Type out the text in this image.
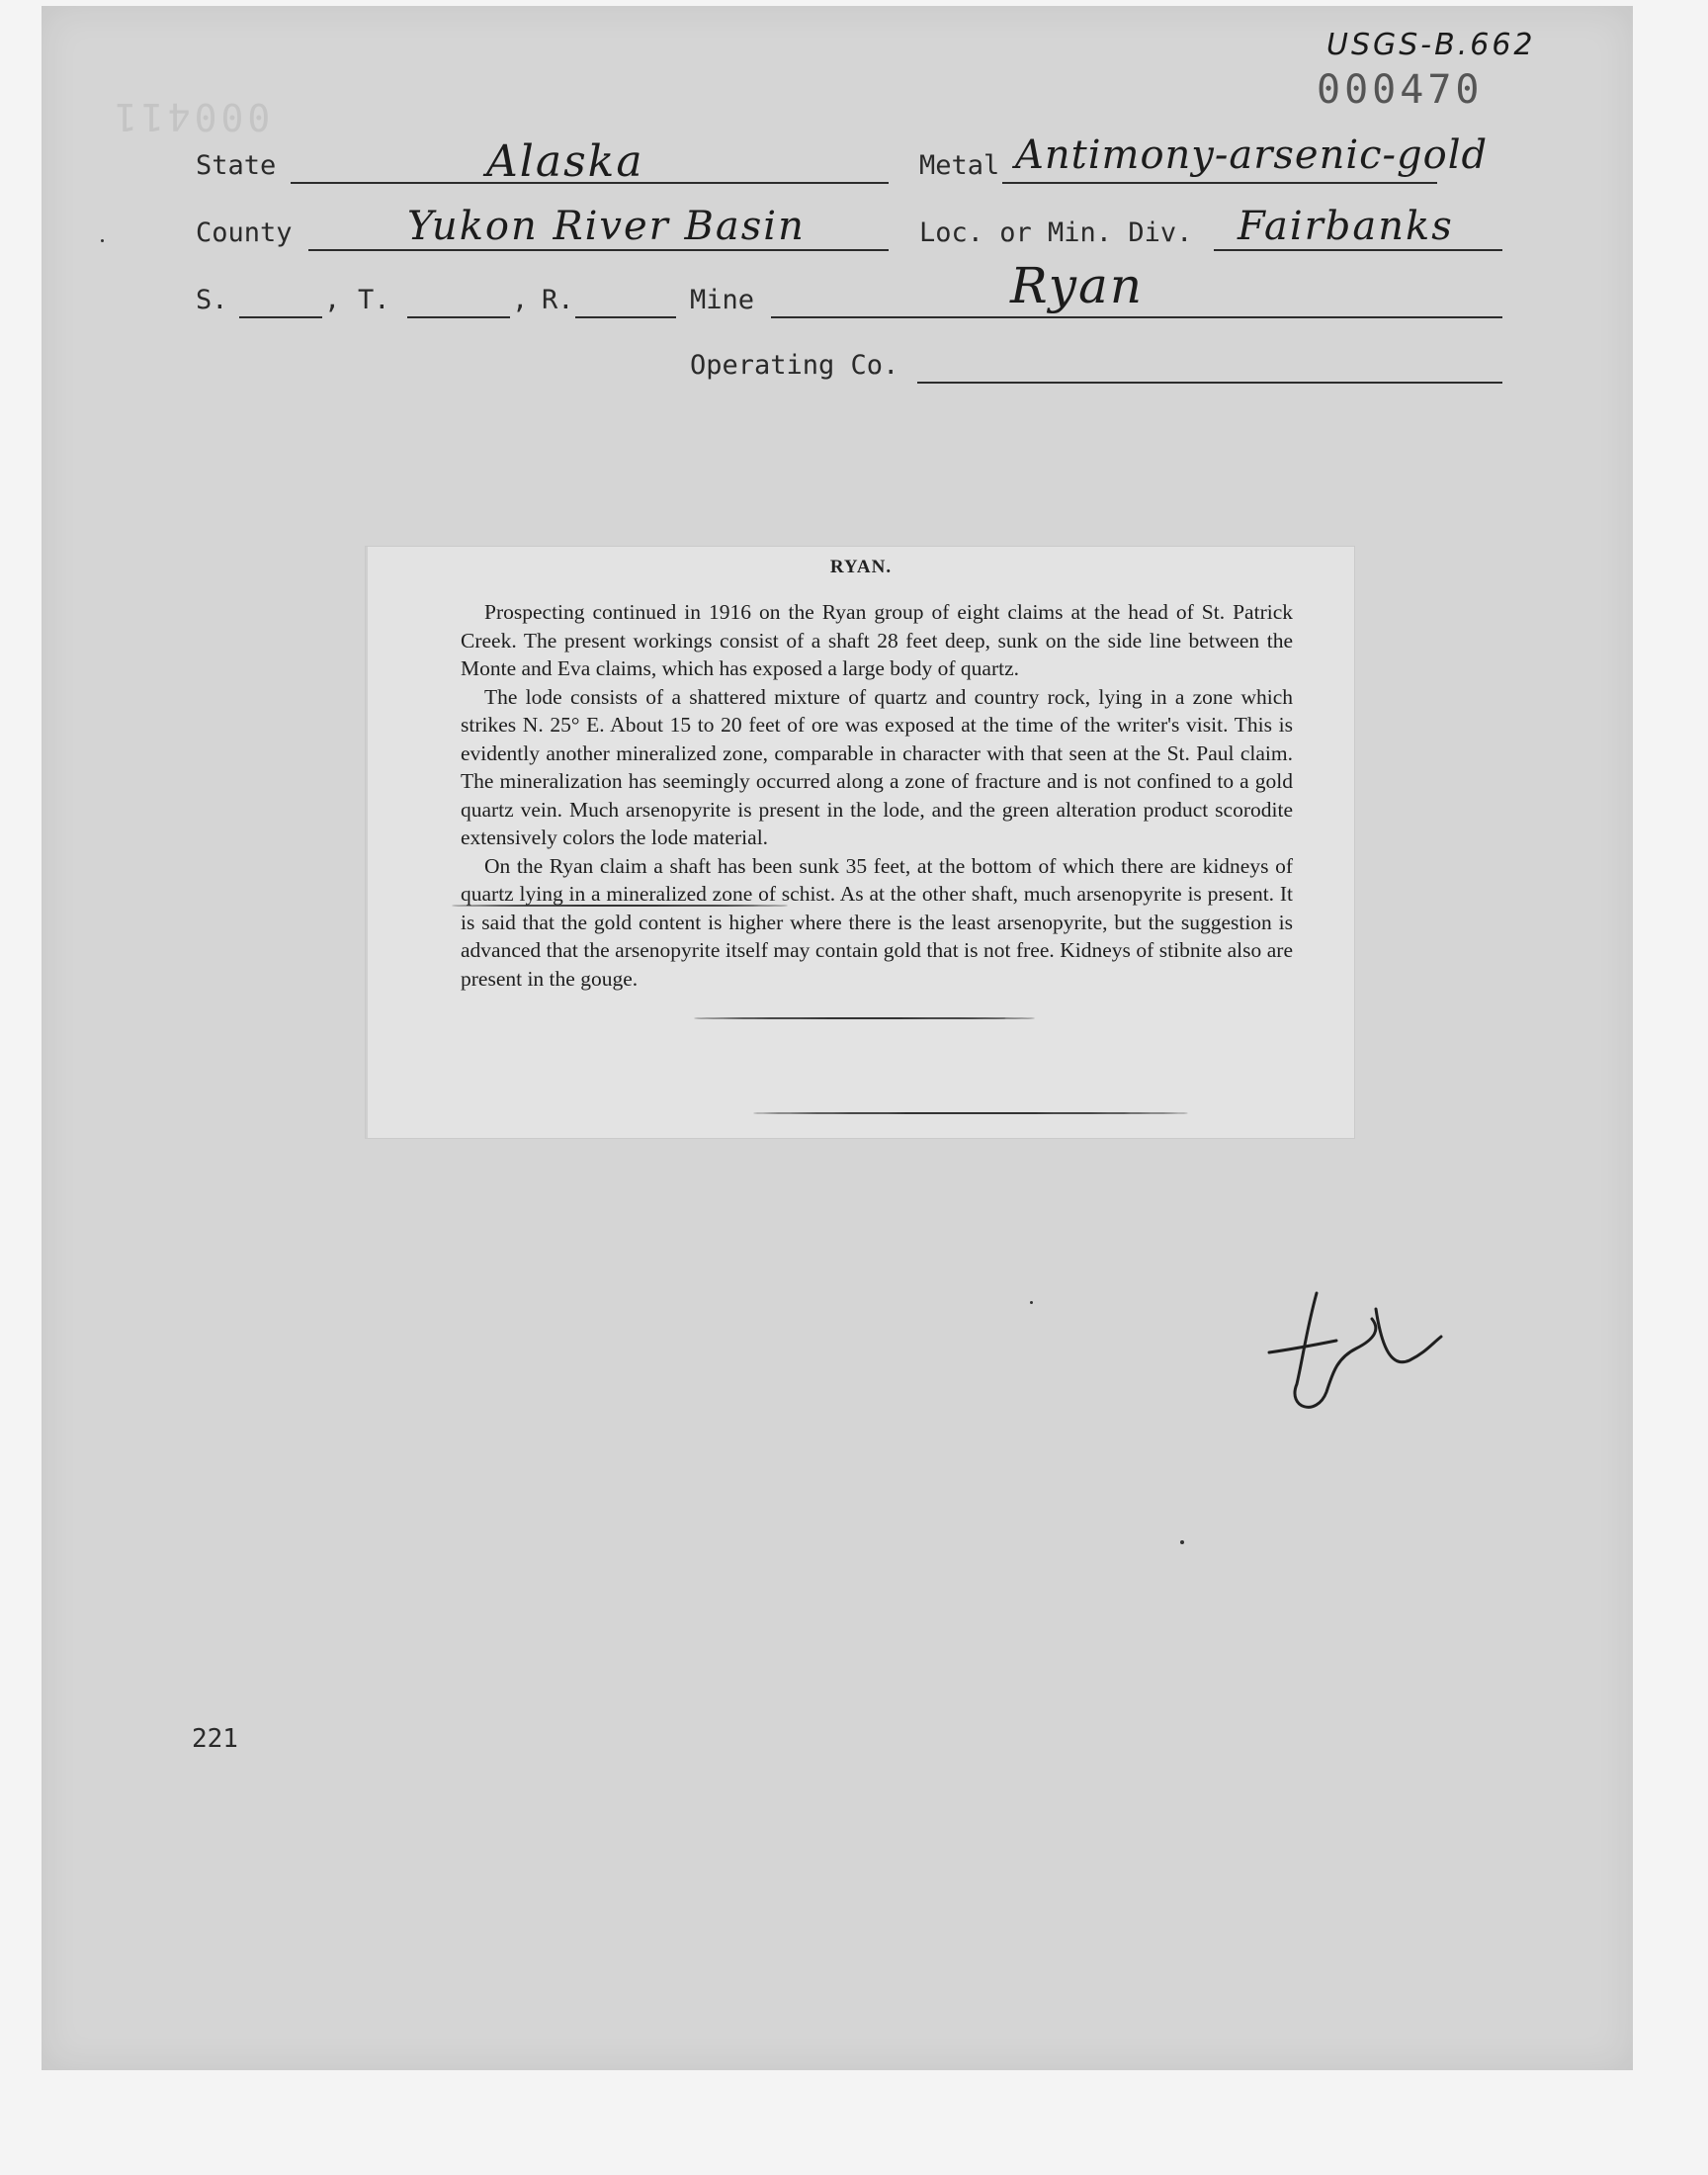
USGS-B.662
000470
000411
State	Alaska	Metal Antimony-arsenic-gold
County	Yukon River Basin	Loc. or Min. Div. Fairbanks
S.	, T.	, R.	Mine	Ryan
Operating Co.
RYAN.

Prospecting continued in 1916 on the Ryan group of eight claims at the head of St. Patrick Creek. The present workings consist of a shaft 28 feet deep, sunk on the side line between the Monte and Eva claims, which has exposed a large body of quartz.

The lode consists of a shattered mixture of quartz and country rock, lying in a zone which strikes N. 25° E. About 15 to 20 feet of ore was exposed at the time of the writer's visit. This is evidently another mineralized zone, comparable in character with that seen at the St. Paul claim. The mineralization has seemingly occurred along a zone of fracture and is not confined to a gold quartz vein. Much arsenopyrite is present in the lode, and the green alteration product scorodite extensively colors the lode material.

On the Ryan claim a shaft has been sunk 35 feet, at the bottom of which there are kidneys of quartz lying in a mineralized zone of schist. As at the other shaft, much arsenopyrite is present. It is said that the gold content is higher where there is the least arsenopyrite, but the suggestion is advanced that the arsenopyrite itself may contain gold that is not free. Kidneys of stibnite also are present in the gouge.

221
